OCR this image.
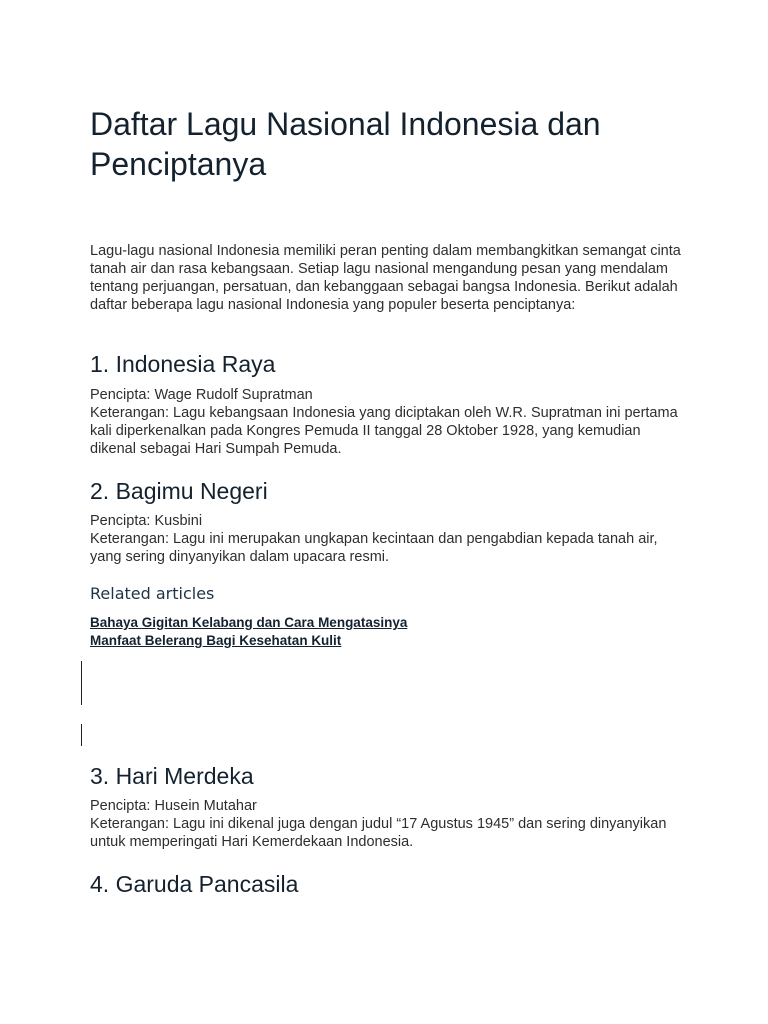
Daftar Lagu Nasional Indonesia dan Penciptanya

Lagu-lagu nasional Indonesia memiliki peran penting dalam membangkitkan semangat cinta tanah air dan rasa kebangsaan. Setiap lagu nasional mengandung pesan yang mendalam tentang perjuangan, persatuan, dan kebanggaan sebagai bangsa Indonesia. Berikut adalah daftar beberapa lagu nasional Indonesia yang populer beserta penciptanya:

1. Indonesia Raya
Pencipta: Wage Rudolf Supratman
Keterangan: Lagu kebangsaan Indonesia yang diciptakan oleh W.R. Supratman ini pertama kali diperkenalkan pada Kongres Pemuda II tanggal 28 Oktober 1928, yang kemudian dikenal sebagai Hari Sumpah Pemuda.
2. Bagimu Negeri
Pencipta: Kusbini
Keterangan: Lagu ini merupakan ungkapan kecintaan dan pengabdian kepada tanah air, yang sering dinyanyikan dalam upacara resmi.
Related articles
Bahaya Gigitan Kelabang dan Cara Mengatasinya
Manfaat Belerang Bagi Kesehatan Kulit
3. Hari Merdeka
Pencipta: Husein Mutahar
Keterangan: Lagu ini dikenal juga dengan judul “17 Agustus 1945” dan sering dinyanyikan untuk memperingati Hari Kemerdekaan Indonesia.
4. Garuda Pancasila
